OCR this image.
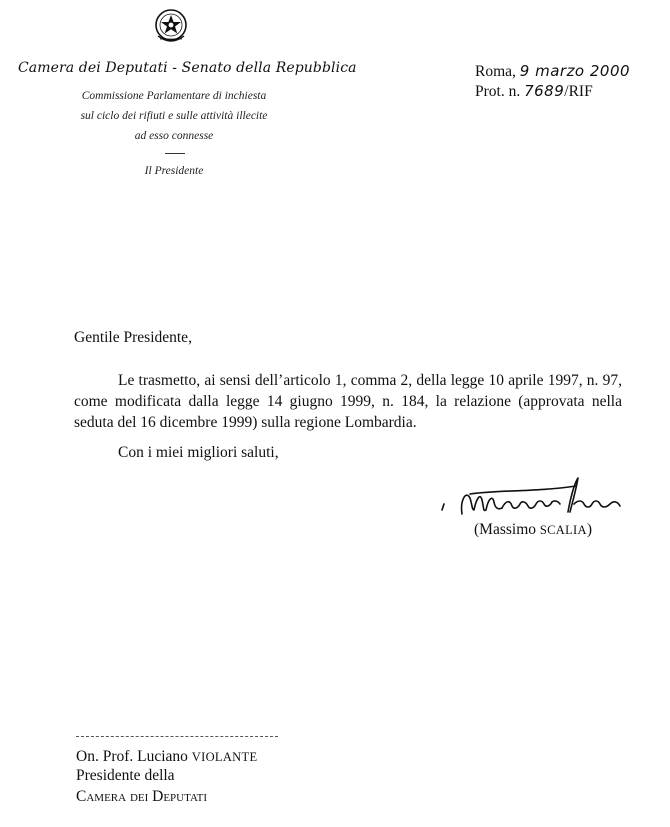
Camera dei Deputati - Senato della Repubblica
Commissione Parlamentare di inchiesta
sul ciclo dei rifiuti e sulle attività illecite
ad esso connesse
Il Presidente
Roma, 9 marzo 2000
Prot. n. 7689/RIF
Gentile Presidente,
Le trasmetto, ai sensi dell’articolo 1, comma 2, della legge 10 aprile 1997, n. 97, come modificata dalla legge 14 giugno 1999, n. 184, la relazione (approvata nella seduta del 16 dicembre 1999) sulla regione Lombardia.
Con i miei migliori saluti,
(Massimo SCALIA)
On. Prof. Luciano VIOLANTE
Presidente della
Camera dei Deputati
